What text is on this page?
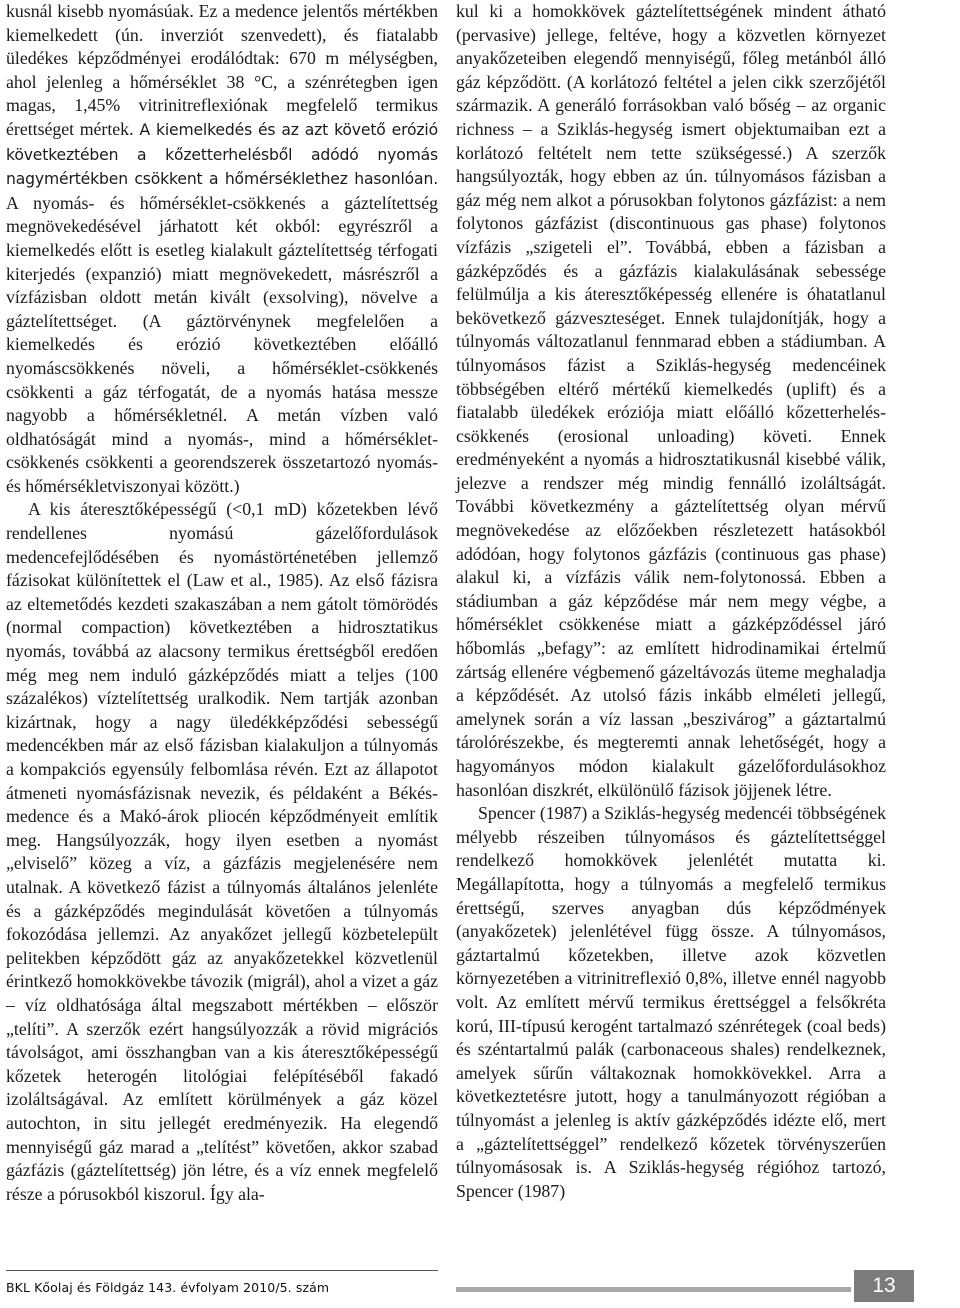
kusnál kisebb nyomásúak. Ez a medence jelentős mértékben kiemelkedett (ún. inverziót szenvedett), és fiatalabb üledékes képződményei erodálódtak: 670 m mélységben, ahol jelenleg a hőmérséklet 38 °C, a szénrétegben igen magas, 1,45% vitrinitreflexiónak megfelelő termikus érettséget mértek. A kiemelkedés és az azt követő erózió következtében a kőzetterhelésből adódó nyomás nagymértékben csökkent a hőmérséklethez hasonlóan. A nyomás- és hőmérséklet-csökkenés a gáztelítettség megnövekedésével járhatott két okból: egyrészről a kiemelkedés előtt is esetleg kialakult gáztelítettség térfogati kiterjedés (expanzió) miatt megnövekedett, másrészről a vízfázisban oldott metán kivált (exsolving), növelve a gáztelítettséget. (A gáztörvénynek megfelelően a kiemelkedés és erózió következtében előálló nyomáscsökkenés növeli, a hőmérséklet-csökkenés csökkenti a gáz térfogatát, de a nyomás hatása messze nagyobb a hőmérsékletnél. A metán vízben való oldhatóságát mind a nyomás-, mind a hőmérséklet-csökkenés csökkenti a georendszerek összetartozó nyomás- és hőmérsékletviszonyai között.)

A kis áteresztőképességű (<0,1 mD) kőzetekben lévő rendellenes nyomású gázelőfordulások medencefejlődésében és nyomástörténetében jellemző fázisokat különítettek el (Law et al., 1985). Az első fázisra az eltemetődés kezdeti szakaszában a nem gátolt tömörödés (normal compaction) következtében a hidrosztatikus nyomás, továbbá az alacsony termikus érettségből eredően még meg nem induló gázképződés miatt a teljes (100 százalékos) víztelítettség uralkodik. Nem tartják azonban kizártnak, hogy a nagy üledékképződési sebességű medencékben már az első fázisban kialakuljon a túlnyomás a kompakciós egyensúly felbomlása révén. Ezt az állapotot átmeneti nyomásfázisnak nevezik, és példaként a Békés-medence és a Makó-árok pliocén képződményeit említik meg. Hangsúlyozzák, hogy ilyen esetben a nyomást „elviselő” közeg a víz, a gázfázis megjelenésére nem utalnak. A következő fázist a túlnyomás általános jelenléte és a gázképződés megindulását követően a túlnyomás fokozódása jellemzi. Az anyakőzet jellegű közbetelepült pelitekben képződött gáz az anyakőzetekkel közvetlenül érintkező homokkövekbe távozik (migrál), ahol a vizet a gáz – víz oldhatósága által megszabott mértékben – először „telíti”. A szerzők ezért hangsúlyozzák a rövid migrációs távolságot, ami összhangban van a kis áteresztőképességű kőzetek heterogén litológiai felépítéséből fakadó izoláltságával. Az említett körülmények a gáz közel autochton, in situ jellegét eredményezik. Ha elegendő mennyiségű gáz marad a „telítést” követően, akkor szabad gázfázis (gáztelítettség) jön létre, és a víz ennek megfelelő része a pórusokból kiszorul. Így ala-

kul ki a homokkövek gáztelítettségének mindent átható (pervasive) jellege, feltéve, hogy a közvetlen környezet anyakőzeteiben elegendő mennyiségű, főleg metánból álló gáz képződött. (A korlátozó feltétel a jelen cikk szerzőjétől származik. A generáló forrásokban való bőség – az organic richness – a Sziklás-hegység ismert objektumaiban ezt a korlátozó feltételt nem tette szükségessé.) A szerzők hangsúlyozták, hogy ebben az ún. túlnyomásos fázisban a gáz még nem alkot a pórusokban folytonos gázfázist: a nem folytonos gázfázist (discontinuous gas phase) folytonos vízfázis „szigeteli el”. Továbbá, ebben a fázisban a gázképződés és a gázfázis kialakulásának sebessége felülmúlja a kis áteresztőképesség ellenére is óhatatlanul bekövetkező gázveszteséget. Ennek tulajdonítják, hogy a túlnyomás változatlanul fennmarad ebben a stádiumban. A túlnyomásos fázist a Sziklás-hegység medencéinek többségében eltérő mértékű kiemelkedés (uplift) és a fiatalabb üledékek eróziója miatt előálló kőzetterhelés-csökkenés (erosional unloading) követi. Ennek eredményeként a nyomás a hidrosztatikusnál kisebbé válik, jelezve a rendszer még mindig fennálló izoláltságát. További következmény a gáztelítettség olyan mérvű megnövekedése az előzőekben részletezett hatásokból adódóan, hogy folytonos gázfázis (continuous gas phase) alakul ki, a vízfázis válik nem-folytonossá. Ebben a stádiumban a gáz képződése már nem megy végbe, a hőmérséklet csökkenése miatt a gázképződéssel járó hőbomlás „befagy”: az említett hidrodinamikai értelmű zártság ellenére végbemenő gázeltávozás üteme meghaladja a képződését. Az utolsó fázis inkább elméleti jellegű, amelynek során a víz lassan „beszivárog” a gáztartalmú tárolórészekbe, és megteremti annak lehetőségét, hogy a hagyományos módon kialakult gázelőfordulásokhoz hasonlóan diszkrét, elkülönülő fázisok jöjjenek létre.

Spencer (1987) a Sziklás-hegység medencéi többségének mélyebb részeiben túlnyomásos és gáztelítettséggel rendelkező homokkövek jelenlétét mutatta ki. Megállapította, hogy a túlnyomás a megfelelő termikus érettségű, szerves anyagban dús képződmények (anyakőzetek) jelenlétével függ össze. A túlnyomásos, gáztartalmú kőzetekben, illetve azok közvetlen környezetében a vitrinitreflexió 0,8%, illetve ennél nagyobb volt. Az említett mérvű termikus érettséggel a felsőkréta korú, III-típusú kerogént tartalmazó szénrétegek (coal beds) és széntartalmú palák (carbonaceous shales) rendelkeznek, amelyek sűrűn váltakoznak homokkövekkel. Arra a következtetésre jutott, hogy a tanulmányozott régióban a túlnyomást a jelenleg is aktív gázképződés idézte elő, mert a „gáztelítettséggel” rendelkező kőzetek törvényszerűen túlnyomásosak is. A Sziklás-hegység régióhoz tartozó, Spencer (1987)

BKL Kőolaj és Földgáz 143. évfolyam 2010/5. szám	13
